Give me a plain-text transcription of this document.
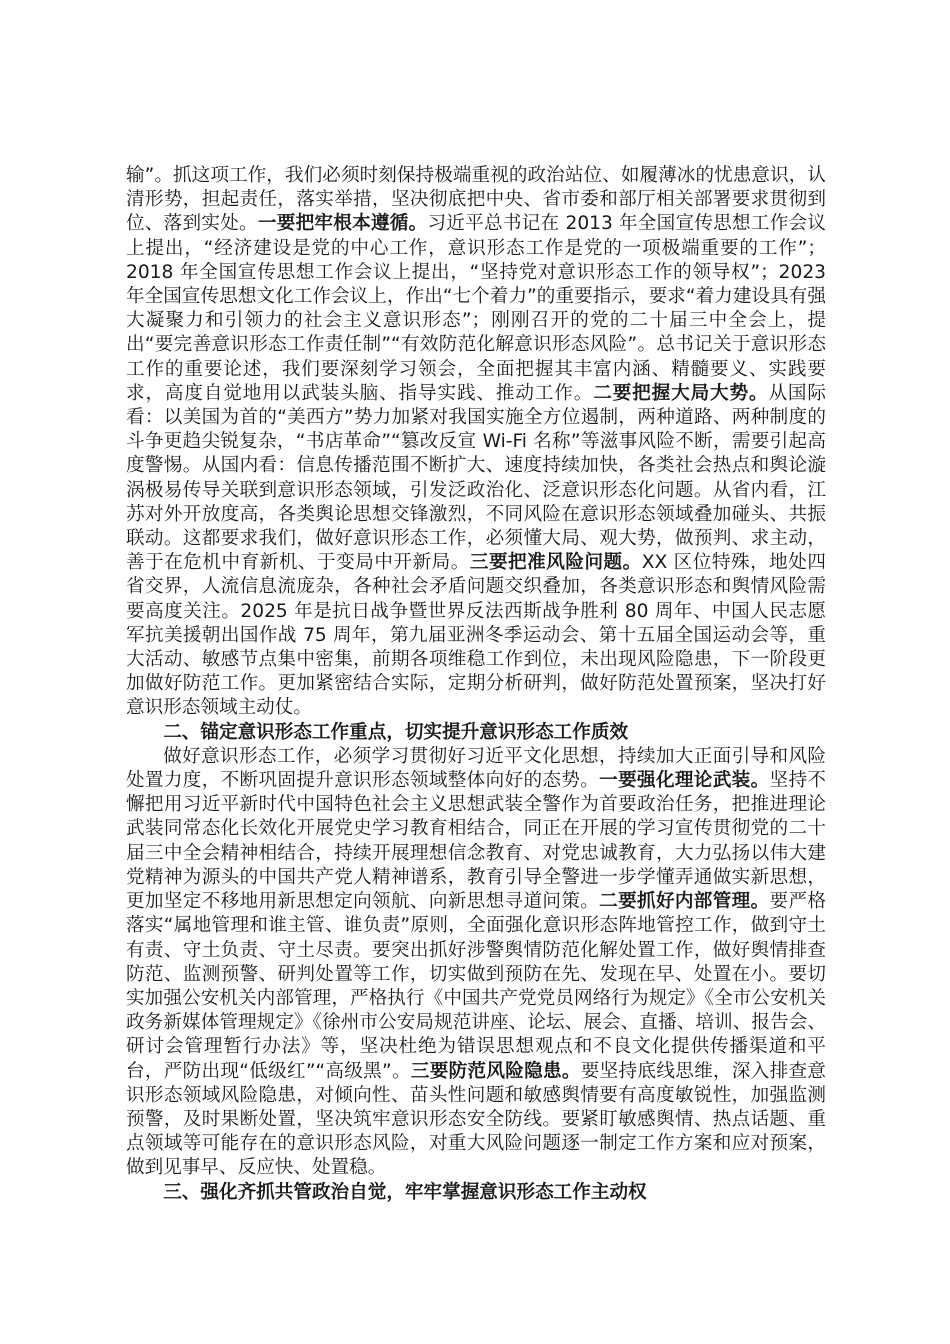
输”。抓这项工作，我们必须时刻保持极端重视的政治站位、如履薄冰的忧患意识，认清形势，担起责任，落实举措，坚决彻底把中央、省市委和部厅相关部署要求贯彻到位、落到实处。一要把牢根本遵循。习近平总书记在 2013 年全国宣传思想工作会议上提出，“经济建设是党的中心工作，意识形态工作是党的一项极端重要的工作”；2018 年全国宣传思想工作会议上提出，“坚持党对意识形态工作的领导权”；2023 年全国宣传思想文化工作会议上，作出“七个着力”的重要指示，要求“着力建设具有强大凝聚力和引领力的社会主义意识形态”；刚刚召开的党的二十届三中全会上，提出“要完善意识形态工作责任制”“有效防范化解意识形态风险”。总书记关于意识形态工作的重要论述，我们要深刻学习领会，全面把握其丰富内涵、精髓要义、实践要求，高度自觉地用以武装头脑、指导实践、推动工作。二要把握大局大势。从国际看：以美国为首的“美西方”势力加紧对我国实施全方位遏制，两种道路、两种制度的斗争更趋尖锐复杂，“书店革命”“篡改反宣 Wi-Fi 名称”等滋事风险不断，需要引起高度警惕。从国内看：信息传播范围不断扩大、速度持续加快，各类社会热点和舆论漩涡极易传导关联到意识形态领域，引发泛政治化、泛意识形态化问题。从省内看，江苏对外开放度高，各类舆论思想交锋激烈，不同风险在意识形态领域叠加碰头、共振联动。这都要求我们，做好意识形态工作，必须懂大局、观大势，做预判、求主动，善于在危机中育新机、于变局中开新局。三要把准风险问题。XX 区位特殊，地处四省交界，人流信息流庞杂，各种社会矛盾问题交织叠加，各类意识形态和舆情风险需要高度关注。2025 年是抗日战争暨世界反法西斯战争胜利 80 周年、中国人民志愿军抗美援朝出国作战 75 周年，第九届亚洲冬季运动会、第十五届全国运动会等，重大活动、敏感节点集中密集，前期各项维稳工作到位，未出现风险隐患，下一阶段更加做好防范工作。更加紧密结合实际，定期分析研判，做好防范处置预案，坚决打好意识形态领域主动仗。

二、锚定意识形态工作重点，切实提升意识形态工作质效

做好意识形态工作，必须学习贯彻好习近平文化思想，持续加大正面引导和风险处置力度，不断巩固提升意识形态领域整体向好的态势。一要强化理论武装。坚持不懈把用习近平新时代中国特色社会主义思想武装全警作为首要政治任务，把推进理论武装同常态化长效化开展党史学习教育相结合，同正在开展的学习宣传贯彻党的二十届三中全会精神相结合，持续开展理想信念教育、对党忠诚教育，大力弘扬以伟大建党精神为源头的中国共产党人精神谱系，教育引导全警进一步学懂弄通做实新思想，更加坚定不移地用新思想定向领航、向新思想寻道问策。二要抓好内部管理。要严格落实“属地管理和谁主管、谁负责”原则，全面强化意识形态阵地管控工作，做到守土有责、守土负责、守土尽责。要突出抓好涉警舆情防范化解处置工作，做好舆情排查防范、监测预警、研判处置等工作，切实做到预防在先、发现在早、处置在小。要切实加强公安机关内部管理，严格执行《中国共产党党员网络行为规定》《全市公安机关政务新媒体管理规定》《徐州市公安局规范讲座、论坛、展会、直播、培训、报告会、研讨会管理暂行办法》等，坚决杜绝为错误思想观点和不良文化提供传播渠道和平台，严防出现“低级红”“高级黑”。三要防范风险隐患。要坚持底线思维，深入排查意识形态领域风险隐患，对倾向性、苗头性问题和敏感舆情要有高度敏锐性，加强监测预警，及时果断处置，坚决筑牢意识形态安全防线。要紧盯敏感舆情、热点话题、重点领域等可能存在的意识形态风险，对重大风险问题逐一制定工作方案和应对预案，做到见事早、反应快、处置稳。

三、强化齐抓共管政治自觉，牢牢掌握意识形态工作主动权
